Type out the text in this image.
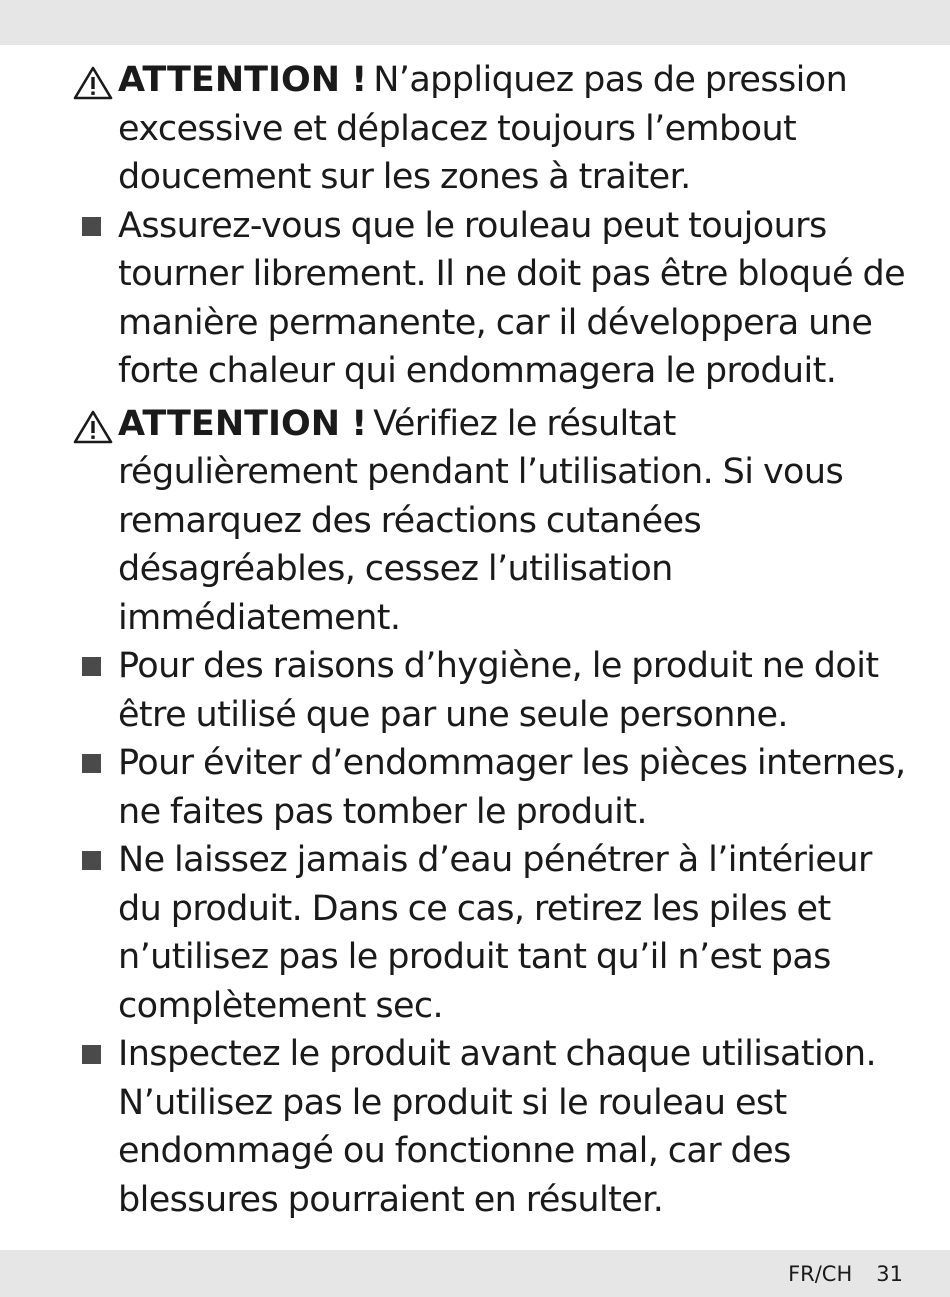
ATTENTION ! N’appliquez pas de pression excessive et déplacez toujours l’embout doucement sur les zones à traiter.
Assurez-vous que le rouleau peut toujours tourner librement. Il ne doit pas être bloqué de manière permanente, car il développera une forte chaleur qui endommagera le produit.
ATTENTION ! Vérifiez le résultat régulièrement pendant l’utilisation. Si vous remarquez des réactions cutanées désagréables, cessez l’utilisation immédiatement.
Pour des raisons d’hygiène, le produit ne doit être utilisé que par une seule personne.
Pour éviter d’endommager les pièces internes, ne faites pas tomber le produit.
Ne laissez jamais d’eau pénétrer à l’intérieur du produit. Dans ce cas, retirez les piles et n’utilisez pas le produit tant qu’il n’est pas complètement sec.
Inspectez le produit avant chaque utilisation. N’utilisez pas le produit si le rouleau est endommagé ou fonctionne mal, car des blessures pourraient en résulter.
FR/CH 31
